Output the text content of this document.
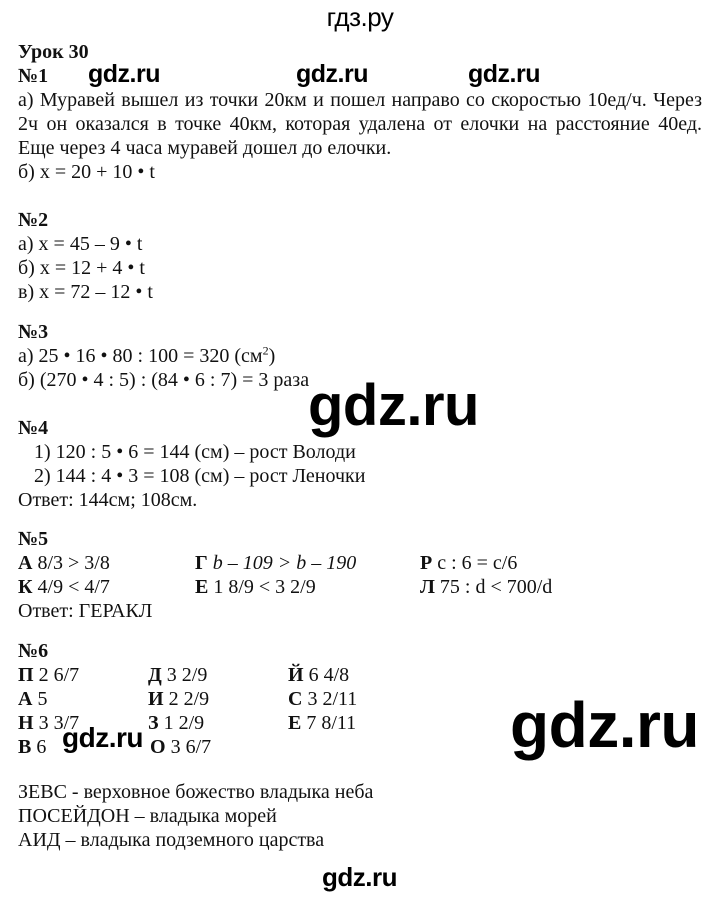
гдз.ру
Урок 30
№1 gdz.ru	gdz.ru	gdz.ru
а) Муравей вышел из точки 20км и пошел направо со скоростью 10ед/ч. Через
2ч он оказался в точке 40км, которая удалена от елочки на расстояние 40ед.
Еще через 4 часа муравей дошел до елочки.
б) x = 20 + 10 • t
№2
а) x = 45 – 9 • t
б) x = 12 + 4 • t
в) x = 72 – 12 • t
№3
а) 25 • 16 • 80 : 100 = 320 $(см^2)$
б) (270 • 4 : 5) : (84 • 6 : 7) = 3 раза
gdz.ru
№4
1) 120 : 5 • 6 = 144 (см) – рост Володи
2) 144 : 4 • 3 = 108 (см) – рост Леночки
Ответ: 144см; 108см.
№5
А 8/3 > 3/8	Г b – 109 > b – 190	Р c : 6 = c/6
К 4/9 < 4/7	Е 1 8/9 < 3 2/9	Л 75 : d < 700/d
Ответ: ГЕРАКЛ
№6
П 2 6/7	Д 3 2/9	Й 6 4/8
А 5	И 2 2/9	С 3 2/11
Н 3 3/7	З 1 2/9	Е 7 8/11
В 6	О 3 6/7
gdz.ru	gdz.ru
ЗЕВС - верховное божество владыка неба
ПОСЕЙДОН – владыка морей
АИД – владыка подземного царства
gdz.ru
